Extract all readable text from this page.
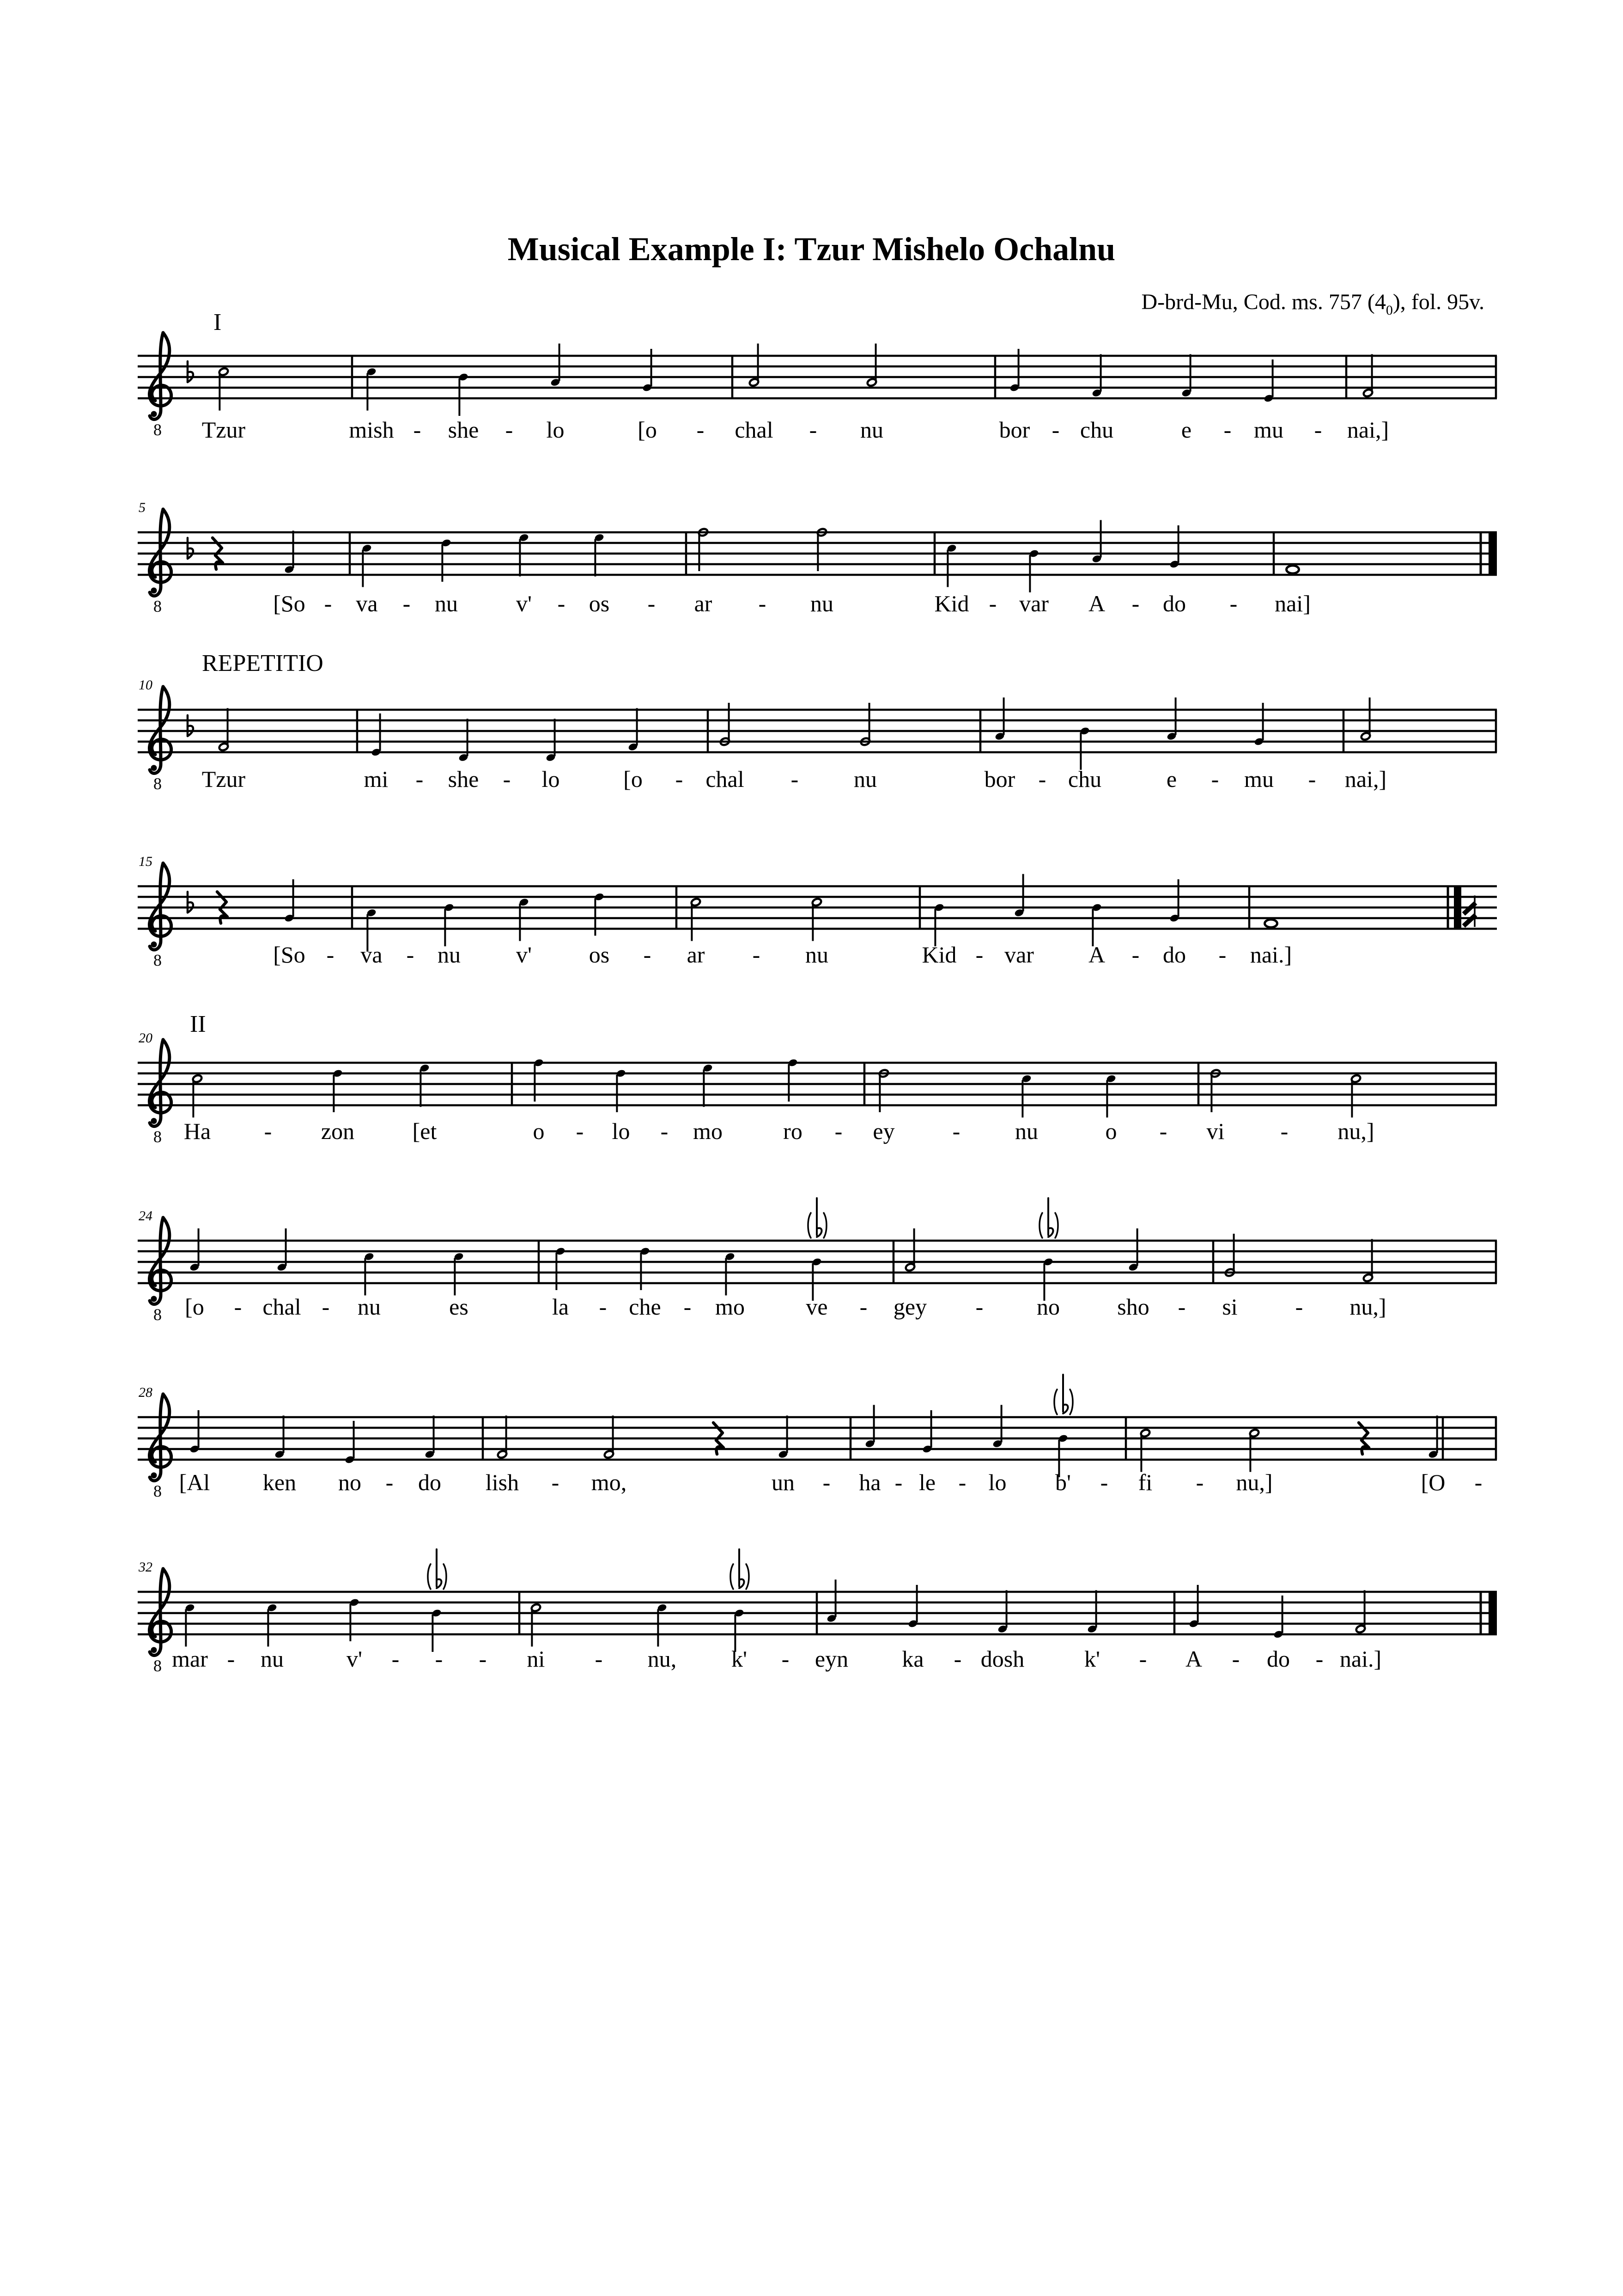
Musical Example I: Tzur Mishelo Ochalnu
D-brd-Mu, Cod. ms. 757 $(4_0)$, fol. 95v.
8
I
Tzur	mish - she - lo	[o - chal - nu	bor - chu	e - mu - nai,]
8
5
[So - va - nu	v' - os - ar - nu	Kid - var A - do - nai]
8
REPETITIO
10
Tzur	mi - she - lo	[o - chal - nu	bor - chu	e - mu - nai,]
8
15
[So - va - nu v' os - ar - nu	Kid - var A - do - nai.]
8
II
20
Ha - zon	[et	o - lo - mo	ro - ey	- nu	o - vi - nu,]
8
24
[o - chal - nu	es	la - che - mo	ve - gey - no sho - si - nu,]
8
28
[Al ken no - do lish - mo,	un - ha - le - lo b' - fi - nu,]	[O -
8
32
mar - nu	v' - - - ni - nu, k' - eyn ka - dosh	k' - A - do - nai.]
